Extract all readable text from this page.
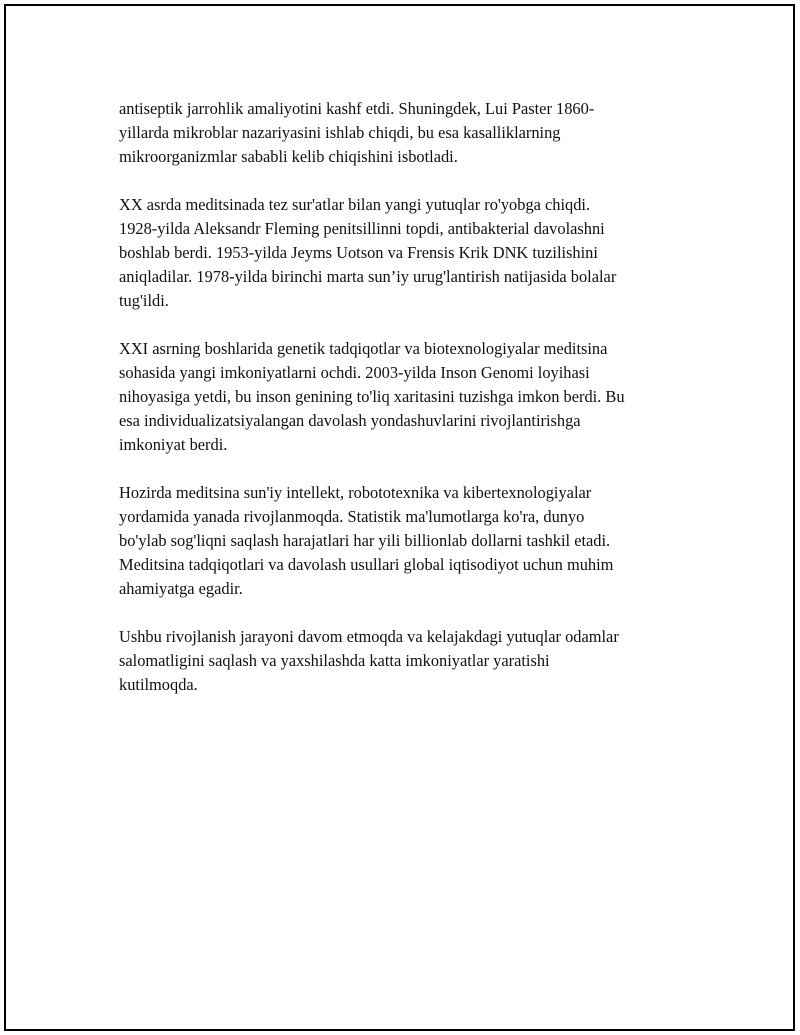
antiseptik jarrohlik amaliyotini kashf etdi. Shuningdek, Lui Paster 1860-
yillarda mikroblar nazariyasini ishlab chiqdi, bu esa kasalliklarning
mikroorganizmlar sababli kelib chiqishini isbotladi.

XX asrda meditsinada tez sur'atlar bilan yangi yutuqlar ro'yobga chiqdi.
1928-yilda Aleksandr Fleming penitsillinni topdi, antibakterial davolashni
boshlab berdi. 1953-yilda Jeyms Uotson va Frensis Krik DNK tuzilishini
aniqladilar. 1978-yilda birinchi marta sun’iy urug'lantirish natijasida bolalar
tug'ildi.

XXI asrning boshlarida genetik tadqiqotlar va biotexnologiyalar meditsina
sohasida yangi imkoniyatlarni ochdi. 2003-yilda Inson Genomi loyihasi
nihoyasiga yetdi, bu inson genining to'liq xaritasini tuzishga imkon berdi. Bu
esa individualizatsiyalangan davolash yondashuvlarini rivojlantirishga
imkoniyat berdi.

Hozirda meditsina sun'iy intellekt, robototexnika va kibertexnologiyalar
yordamida yanada rivojlanmoqda. Statistik ma'lumotlarga ko'ra, dunyo
bo'ylab sog'liqni saqlash harajatlari har yili billionlab dollarni tashkil etadi.
Meditsina tadqiqotlari va davolash usullari global iqtisodiyot uchun muhim
ahamiyatga egadir.

Ushbu rivojlanish jarayoni davom etmoqda va kelajakdagi yutuqlar odamlar
salomatligini saqlash va yaxshilashda katta imkoniyatlar yaratishi
kutilmoqda.
